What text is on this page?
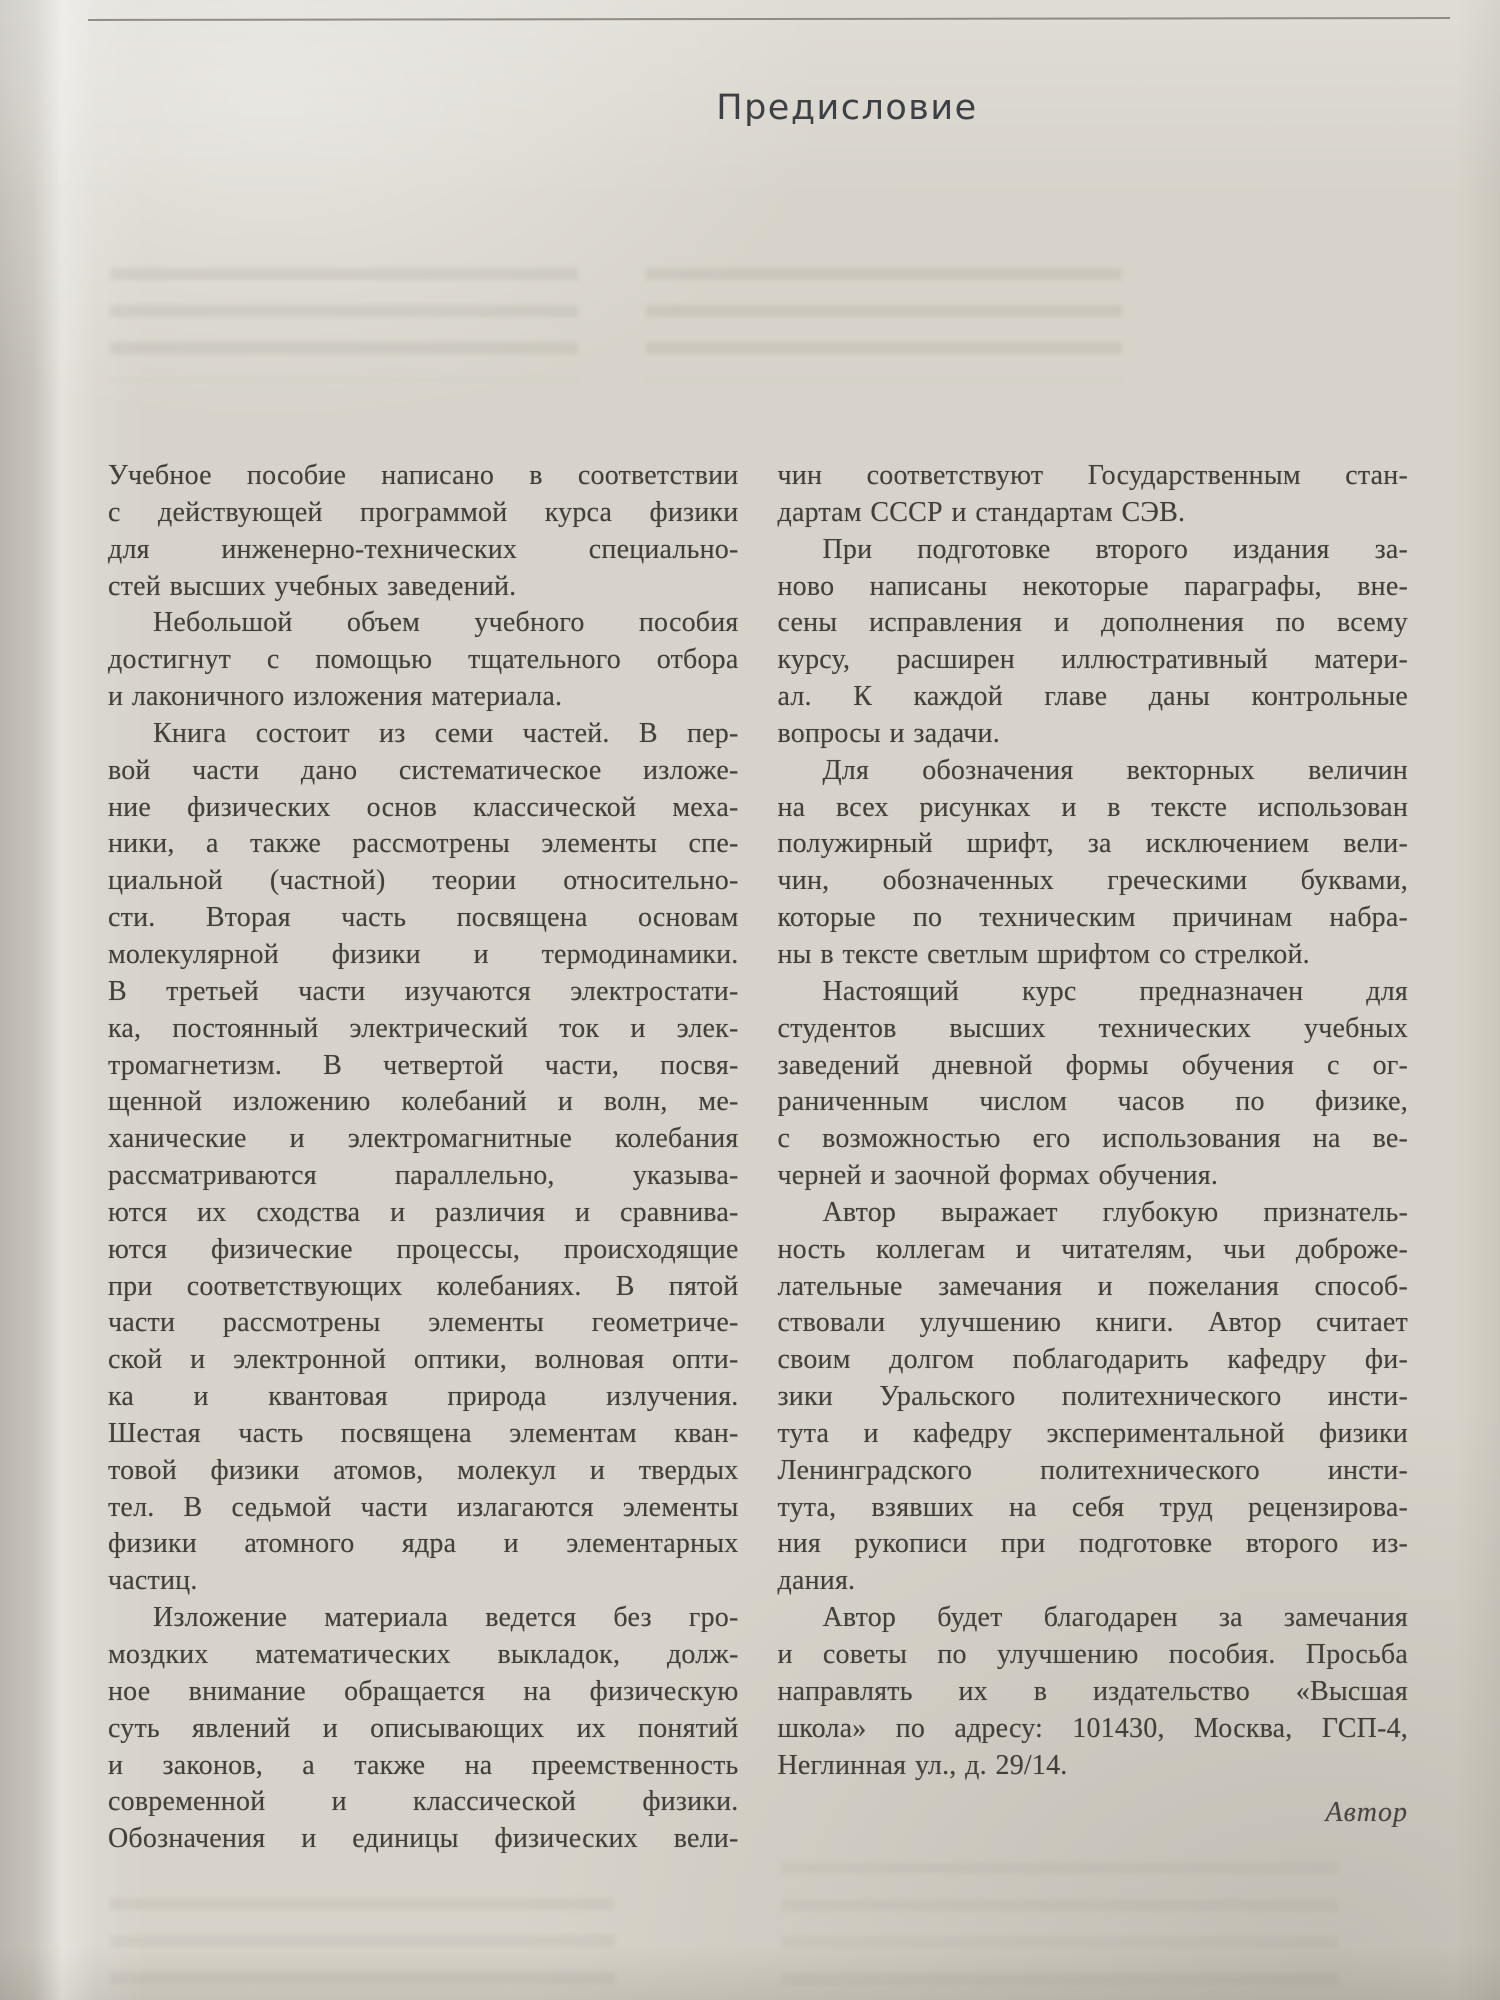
Предисловие
Учебное пособие написано в соответствии
с действующей программой курса физики
для инженерно-технических специально-
стей высших учебных заведений.
Небольшой объем учебного пособия
достигнут с помощью тщательного отбора
и лаконичного изложения материала.
Книга состоит из семи частей. В пер-
вой части дано систематическое изложе-
ние физических основ классической меха-
ники, а также рассмотрены элементы спе-
циальной (частной) теории относительно-
сти. Вторая часть посвящена основам
молекулярной физики и термодинамики.
В третьей части изучаются электростати-
ка, постоянный электрический ток и элек-
тромагнетизм. В четвертой части, посвя-
щенной изложению колебаний и волн, ме-
ханические и электромагнитные колебания
рассматриваются параллельно, указыва-
ются их сходства и различия и сравнива-
ются физические процессы, происходящие
при соответствующих колебаниях. В пятой
части рассмотрены элементы геометриче-
ской и электронной оптики, волновая опти-
ка и квантовая природа излучения.
Шестая часть посвящена элементам кван-
товой физики атомов, молекул и твердых
тел. В седьмой части излагаются элементы
физики атомного ядра и элементарных
частиц.
Изложение материала ведется без гро-
моздких математических выкладок, долж-
ное внимание обращается на физическую
суть явлений и описывающих их понятий
и законов, а также на преемственность
современной и классической физики.
Обозначения и единицы физических вели-
чин соответствуют Государственным стан-
дартам СССР и стандартам СЭВ.
При подготовке второго издания за-
ново написаны некоторые параграфы, вне-
сены исправления и дополнения по всему
курсу, расширен иллюстративный матери-
ал. К каждой главе даны контрольные
вопросы и задачи.
Для обозначения векторных величин
на всех рисунках и в тексте использован
полужирный шрифт, за исключением вели-
чин, обозначенных греческими буквами,
которые по техническим причинам набра-
ны в тексте светлым шрифтом со стрелкой.
Настоящий курс предназначен для
студентов высших технических учебных
заведений дневной формы обучения с ог-
раниченным числом часов по физике,
с возможностью его использования на ве-
черней и заочной формах обучения.
Автор выражает глубокую признатель-
ность коллегам и читателям, чьи доброже-
лательные замечания и пожелания способ-
ствовали улучшению книги. Автор считает
своим долгом поблагодарить кафедру фи-
зики Уральского политехнического инсти-
тута и кафедру экспериментальной физики
Ленинградского политехнического инсти-
тута, взявших на себя труд рецензирова-
ния рукописи при подготовке второго из-
дания.
Автор будет благодарен за замечания
и советы по улучшению пособия. Просьба
направлять их в издательство «Высшая
школа» по адресу: 101430, Москва, ГСП-4,
Неглинная ул., д. 29/14.
Автор
